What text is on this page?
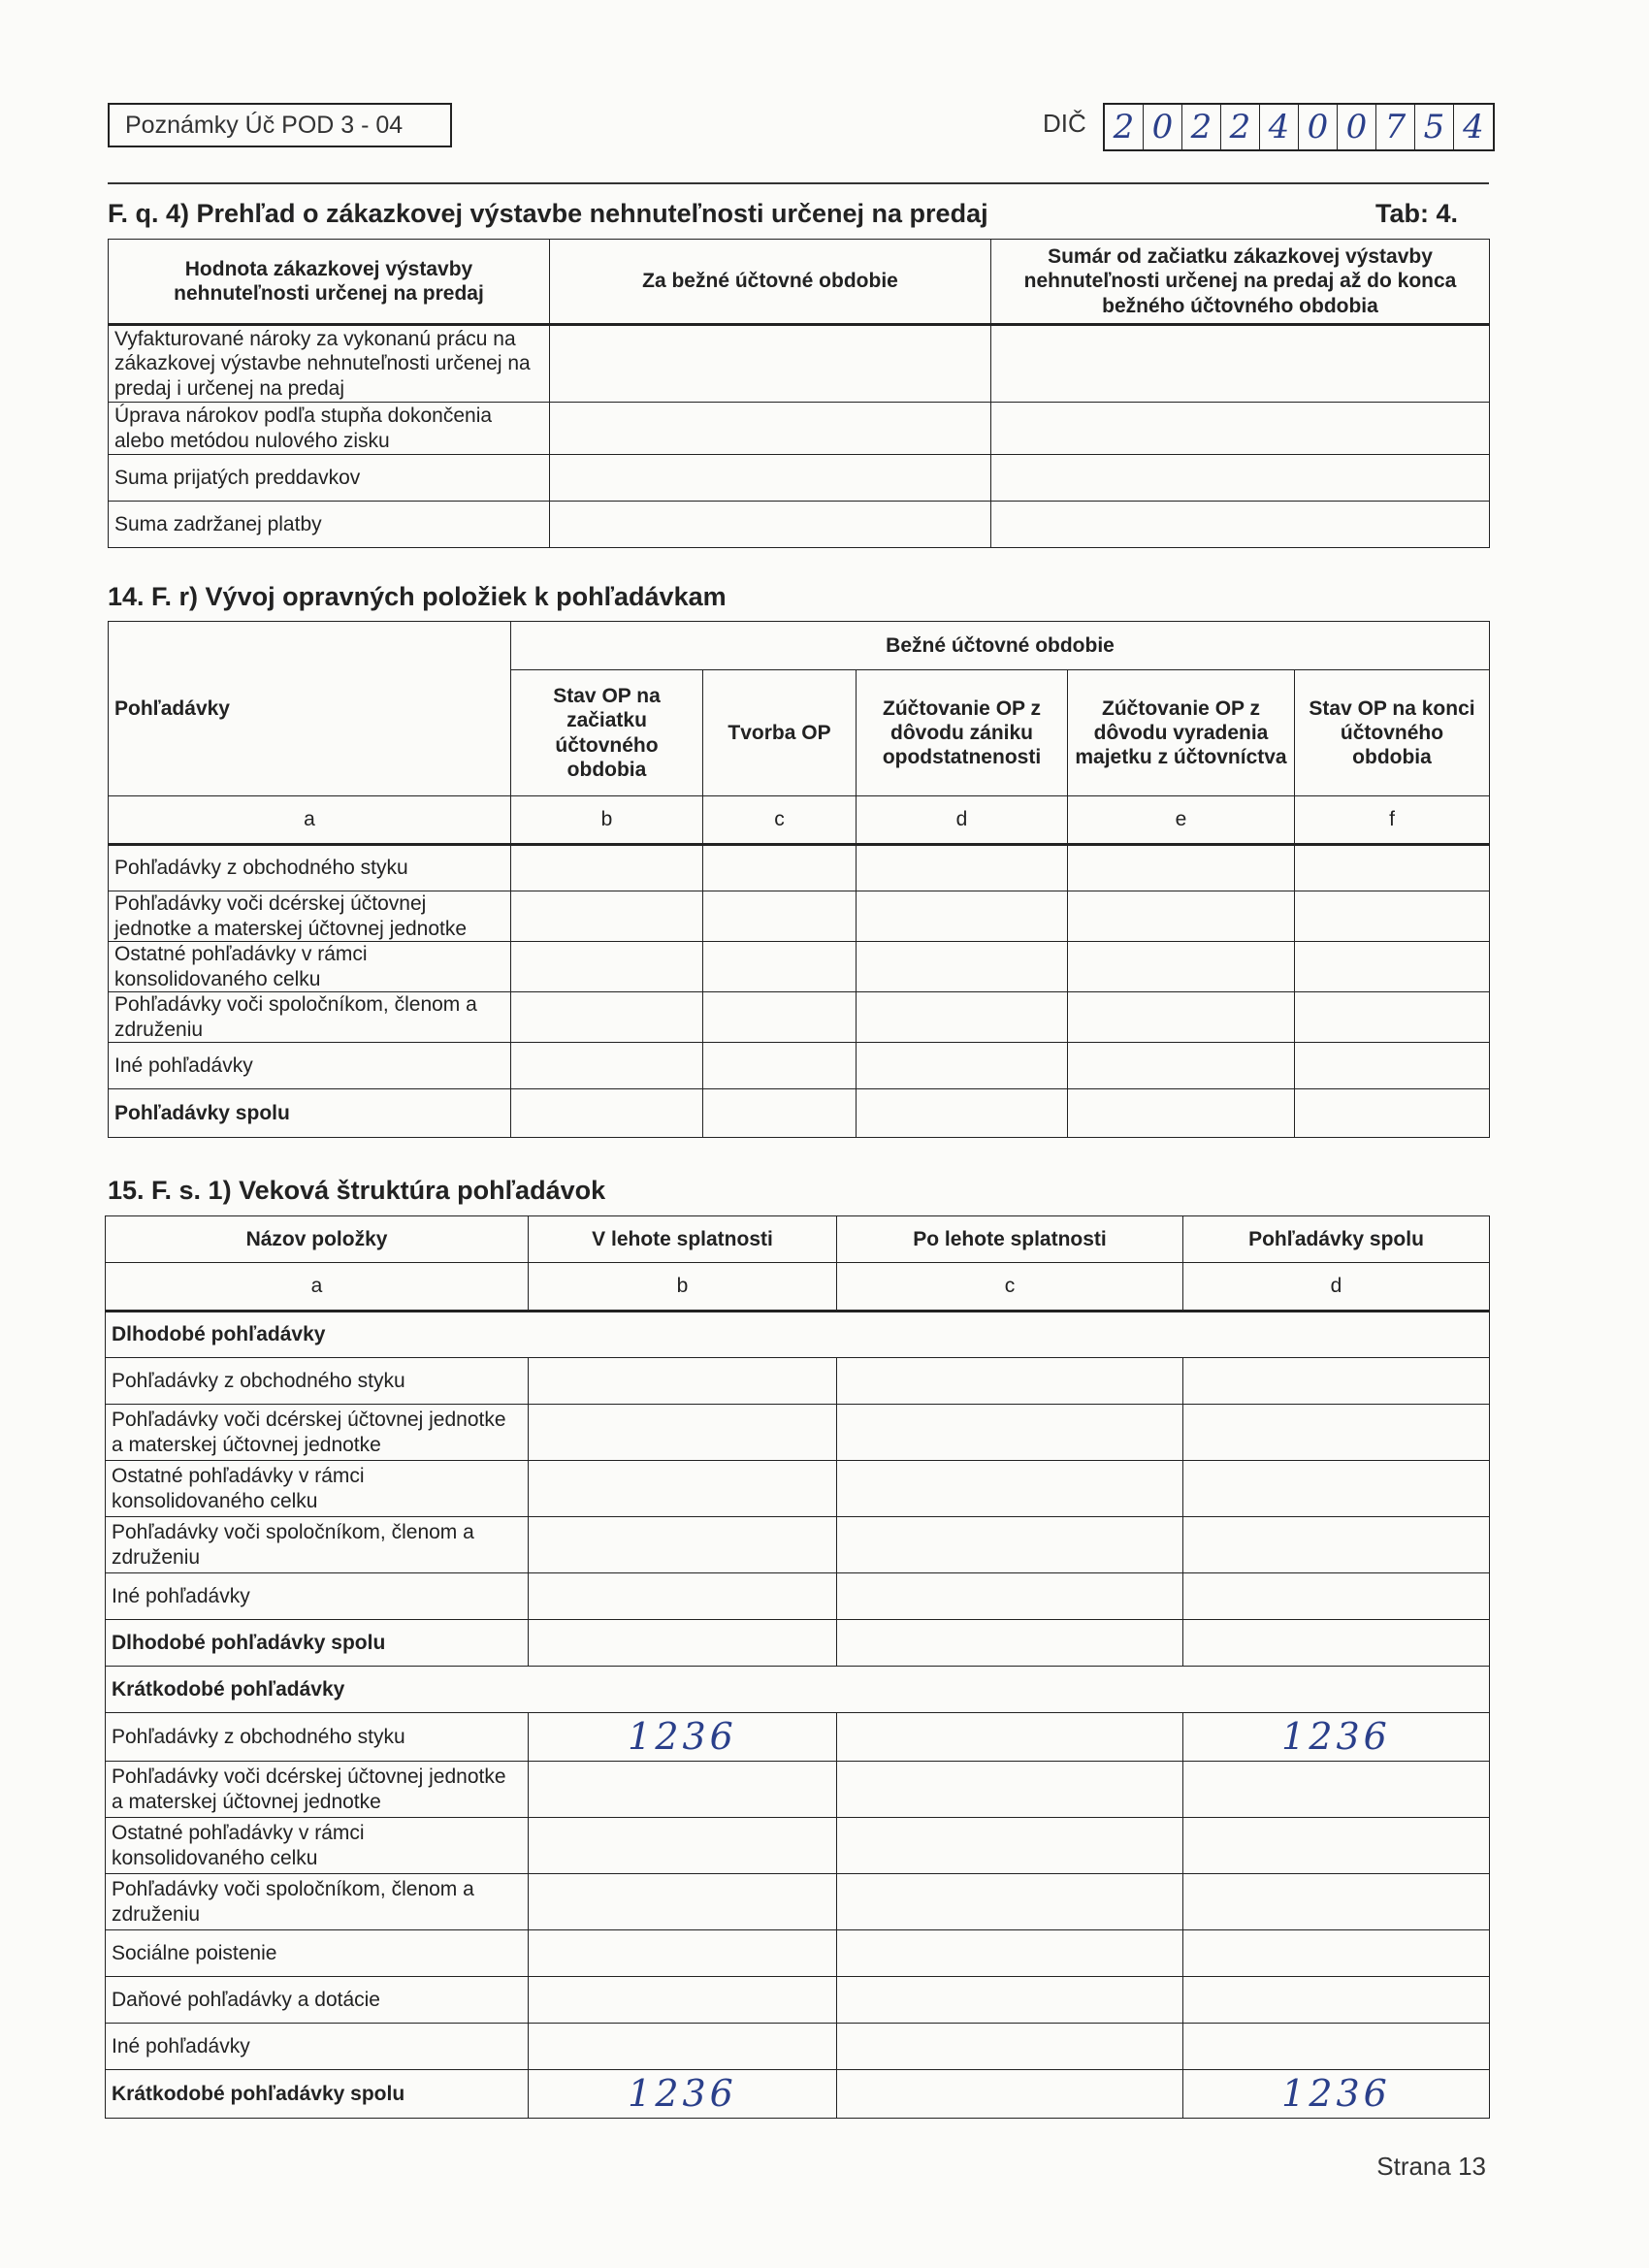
Poznámky Úč POD 3 - 04	DIČ 2 0 2 2 4 0 0 7 5 4
F. q. 4) Prehľad o zákazkovej výstavbe nehnuteľnosti určenej na predaj	Tab: 4.
Hodnota zákazkovej výstavby nehnuteľnosti určenej na predaj	Za bežné účtovné obdobie	Sumár od začiatku zákazkovej výstavby nehnuteľnosti určenej na predaj až do konca bežného účtovného obdobia
Vyfakturované nároky za vykonanú prácu na zákazkovej výstavbe nehnuteľnosti určenej na predaj i určenej na predaj		
Úprava nárokov podľa stupňa dokončenia alebo metódou nulového zisku		
Suma prijatých preddavkov		
Suma zadržanej platby		
14. F. r) Vývoj opravných položiek k pohľadávkam
Pohľadávky	Bežné účtovné obdobie				
	Stav OP na začiatku účtovného obdobia	Tvorba OP	Zúčtovanie OP z dôvodu zániku opodstatnenosti	Zúčtovanie OP z dôvodu vyradenia majetku z účtovníctva	Stav OP na konci účtovného obdobia
a	b	c	d	e	f
Pohľadávky z obchodného styku					
Pohľadávky voči dcérskej účtovnej jednotke a materskej účtovnej jednotke					
Ostatné pohľadávky v rámci konsolidovaného celku					
Pohľadávky voči spoločníkom, členom a združeniu					
Iné pohľadávky					
Pohľadávky spolu					
15. F. s. 1) Veková štruktúra pohľadávok
Názov položky	V lehote splatnosti	Po lehote splatnosti	Pohľadávky spolu
a	b	c	d
Dlhodobé pohľadávky			
Pohľadávky z obchodného styku			
Pohľadávky voči dcérskej účtovnej jednotke a materskej účtovnej jednotke			
Ostatné pohľadávky v rámci konsolidovaného celku			
Pohľadávky voči spoločníkom, členom a združeniu			
Iné pohľadávky			
Dlhodobé pohľadávky spolu			
Krátkodobé pohľadávky			
Pohľadávky z obchodného styku	1236		1236
Pohľadávky voči dcérskej účtovnej jednotke a materskej účtovnej jednotke			
Ostatné pohľadávky v rámci konsolidovaného celku			
Pohľadávky voči spoločníkom, členom a združeniu			
Sociálne poistenie			
Daňové pohľadávky a dotácie			
Iné pohľadávky			
Krátkodobé pohľadávky spolu	1236		1236
Strana 13
